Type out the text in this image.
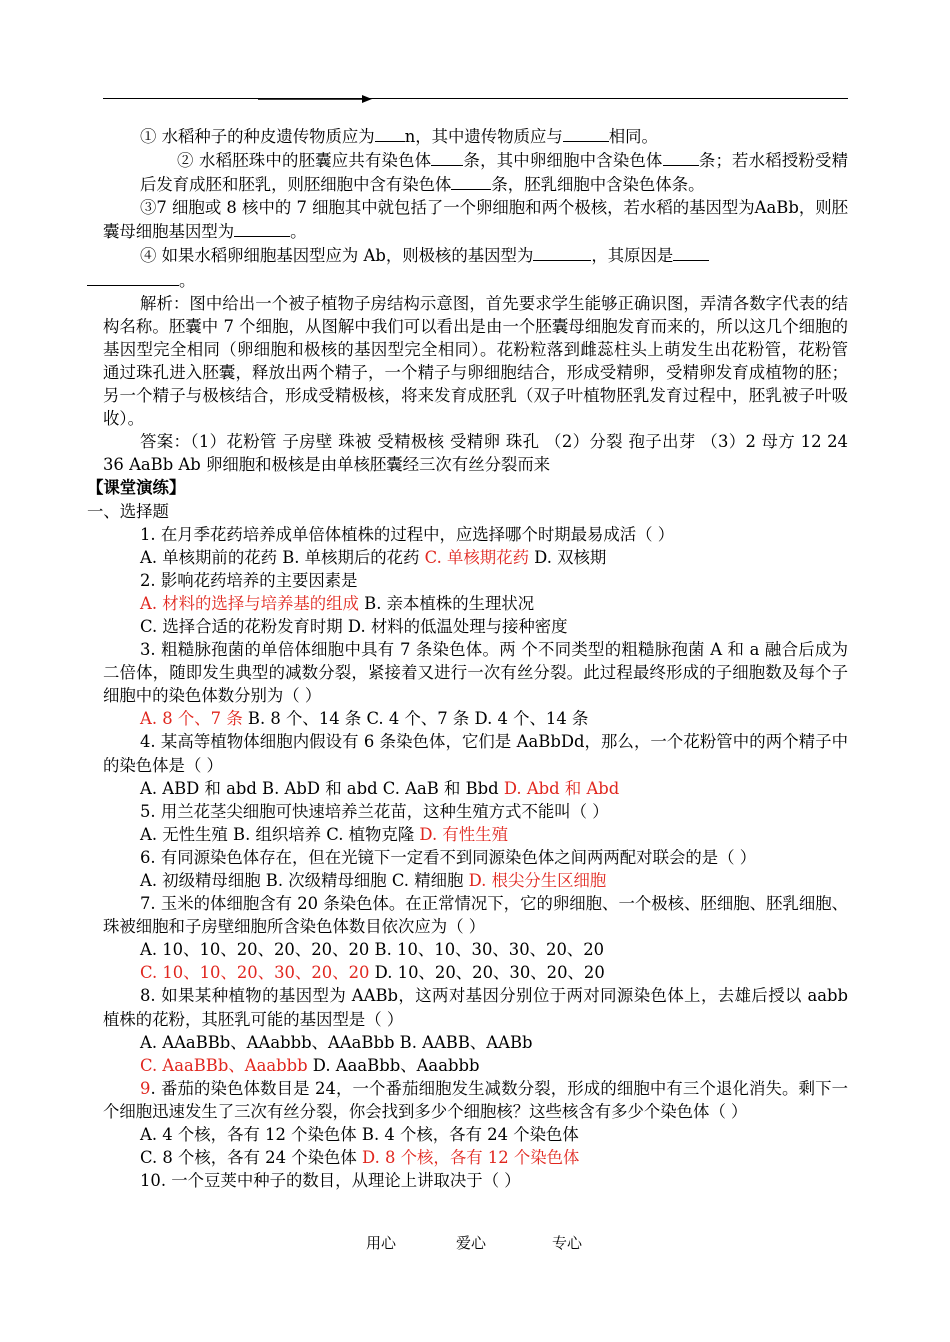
① 水稻种子的种皮遗传物质应为 n，其中遗传物质应与	相同。

② 水稻胚珠中的胚囊应共有染色体 条，其中卵细胞中含染色体 条；若水稻授粉受精后发育成胚和胚乳，则胚细胞中含有染色体 条，胚乳细胞中含染色体条。

③7 细胞或 8 核中的 7 细胞其中就包括了一个卵细胞和两个极核，若水稻的基因型为AaBb，则胚囊母细胞基因型为	。

④ 如果水稻卵细胞基因型应为 Ab，则极核的基因型为	，其原因是
。

解析：图中给出一个被子植物子房结构示意图，首先要求学生能够正确识图，弄清各数字代表的结构名称。胚囊中 7 个细胞，从图解中我们可以看出是由一个胚囊母细胞发育而来的，所以这几个细胞的基因型完全相同（卵细胞和极核的基因型完全相同）。花粉粒落到雌蕊柱头上萌发生出花粉管，花粉管通过珠孔进入胚囊，释放出两个精子，一个精子与卵细胞结合，形成受精卵，受精卵发育成植物的胚；另一个精子与极核结合，形成受精极核，将来发育成胚乳（双子叶植物胚乳发育过程中，胚乳被子叶吸收）。

答案：（1）花粉管 子房壁 珠被 受精极核 受精卵 珠孔 （2）分裂 孢子出芽 （3）2 母方 12 24 36 AaBb Ab 卵细胞和极核是由单核胚囊经三次有丝分裂而来

【课堂演练】

一、选择题

1. 在月季花药培养成单倍体植株的过程中，应选择哪个时期最易成活（ ）

A. 单核期前的花药 B. 单核期后的花药 C. 单核期花药 D. 双核期

2. 影响花药培养的主要因素是

A. 材料的选择与培养基的组成 B. 亲本植株的生理状况

C. 选择合适的花粉发育时期 D. 材料的低温处理与接种密度

3. 粗糙脉孢菌的单倍体细胞中具有 7 条染色体。两 个不同类型的粗糙脉孢菌 A 和 a 融合后成为二倍体，随即发生典型的减数分裂，紧接着又进行一次有丝分裂。此过程最终形成的子细胞数及每个子细胞中的染色体数分别为（ ）

A. 8 个、7 条 B. 8 个、14 条 C. 4 个、7 条 D. 4 个、14 条

4. 某高等植物体细胞内假设有 6 条染色体，它们是 AaBbDd，那么，一个花粉管中的两个精子中的染色体是（ ）

A. ABD 和 abd B. AbD 和 abd C. AaB 和 Bbd D. Abd 和 Abd

5. 用兰花茎尖细胞可快速培养兰花苗，这种生殖方式不能叫（ ）

A. 无性生殖 B. 组织培养 C. 植物克隆 D. 有性生殖

6. 有同源染色体存在，但在光镜下一定看不到同源染色体之间两两配对联会的是（ ）

A. 初级精母细胞 B. 次级精母细胞 C. 精细胞 D. 根尖分生区细胞

7. 玉米的体细胞含有 20 条染色体。在正常情况下，它的卵细胞、一个极核、胚细胞、胚乳细胞、珠被细胞和子房壁细胞所含染色体数目依次应为（ ）

A. 10、10、20、20、20、20 B. 10、10、30、30、20、20

C. 10、10、20、30、20、20 D. 10、20、20、30、20、20

8. 如果某种植物的基因型为 AABb，这两对基因分别位于两对同源染色体上，去雄后授以 aabb 植株的花粉，其胚乳可能的基因型是（ ）

A. AAaBBb、AAabbb、AAaBbb B. AABB、AABb

C. AaaBBb、Aaabbb D. AaaBbb、Aaabbb

9. 番茄的染色体数目是 24，一个番茄细胞发生减数分裂，形成的细胞中有三个退化消失。剩下一个细胞迅速发生了三次有丝分裂，你会找到多少个细胞核？这些核含有多少个染色体（ ）

A. 4 个核，各有 12 个染色体 B. 4 个核，各有 24 个染色体

C. 8 个核，各有 24 个染色体 D. 8 个核，各有 12 个染色体

10. 一个豆荚中种子的数目，从理论上讲取决于（ ）

用心	爱心	专心
